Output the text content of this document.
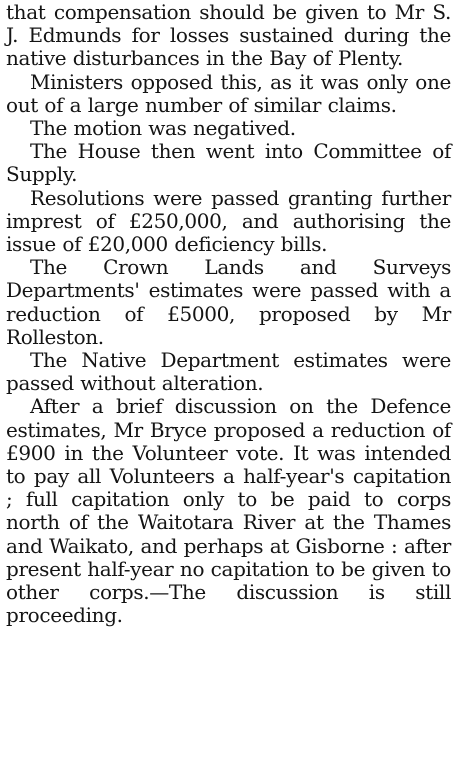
that compensation should be given to Mr S. J. Edmunds for losses sustained during the native disturbances in the Bay of Plenty.

Ministers opposed this, as it was only one out of a large number of similar claims.

The motion was negatived.

The House then went into Committee of Supply.

Resolutions were passed granting further imprest of £250,000, and authorising the issue of £20,000 deficiency bills.

The Crown Lands and Surveys Departments' estimates were passed with a reduction of £5000, proposed by Mr Rolleston.

The Native Department estimates were passed without alteration.

After a brief discussion on the Defence estimates, Mr Bryce proposed a reduction of £900 in the Volunteer vote. It was intended to pay all Volunteers a half-year's capitation ; full capitation only to be paid to corps north of the Waitotara River at the Thames and Waikato, and perhaps at Gisborne : after present half-year no capitation to be given to other corps.—The discussion is still proceeding.
